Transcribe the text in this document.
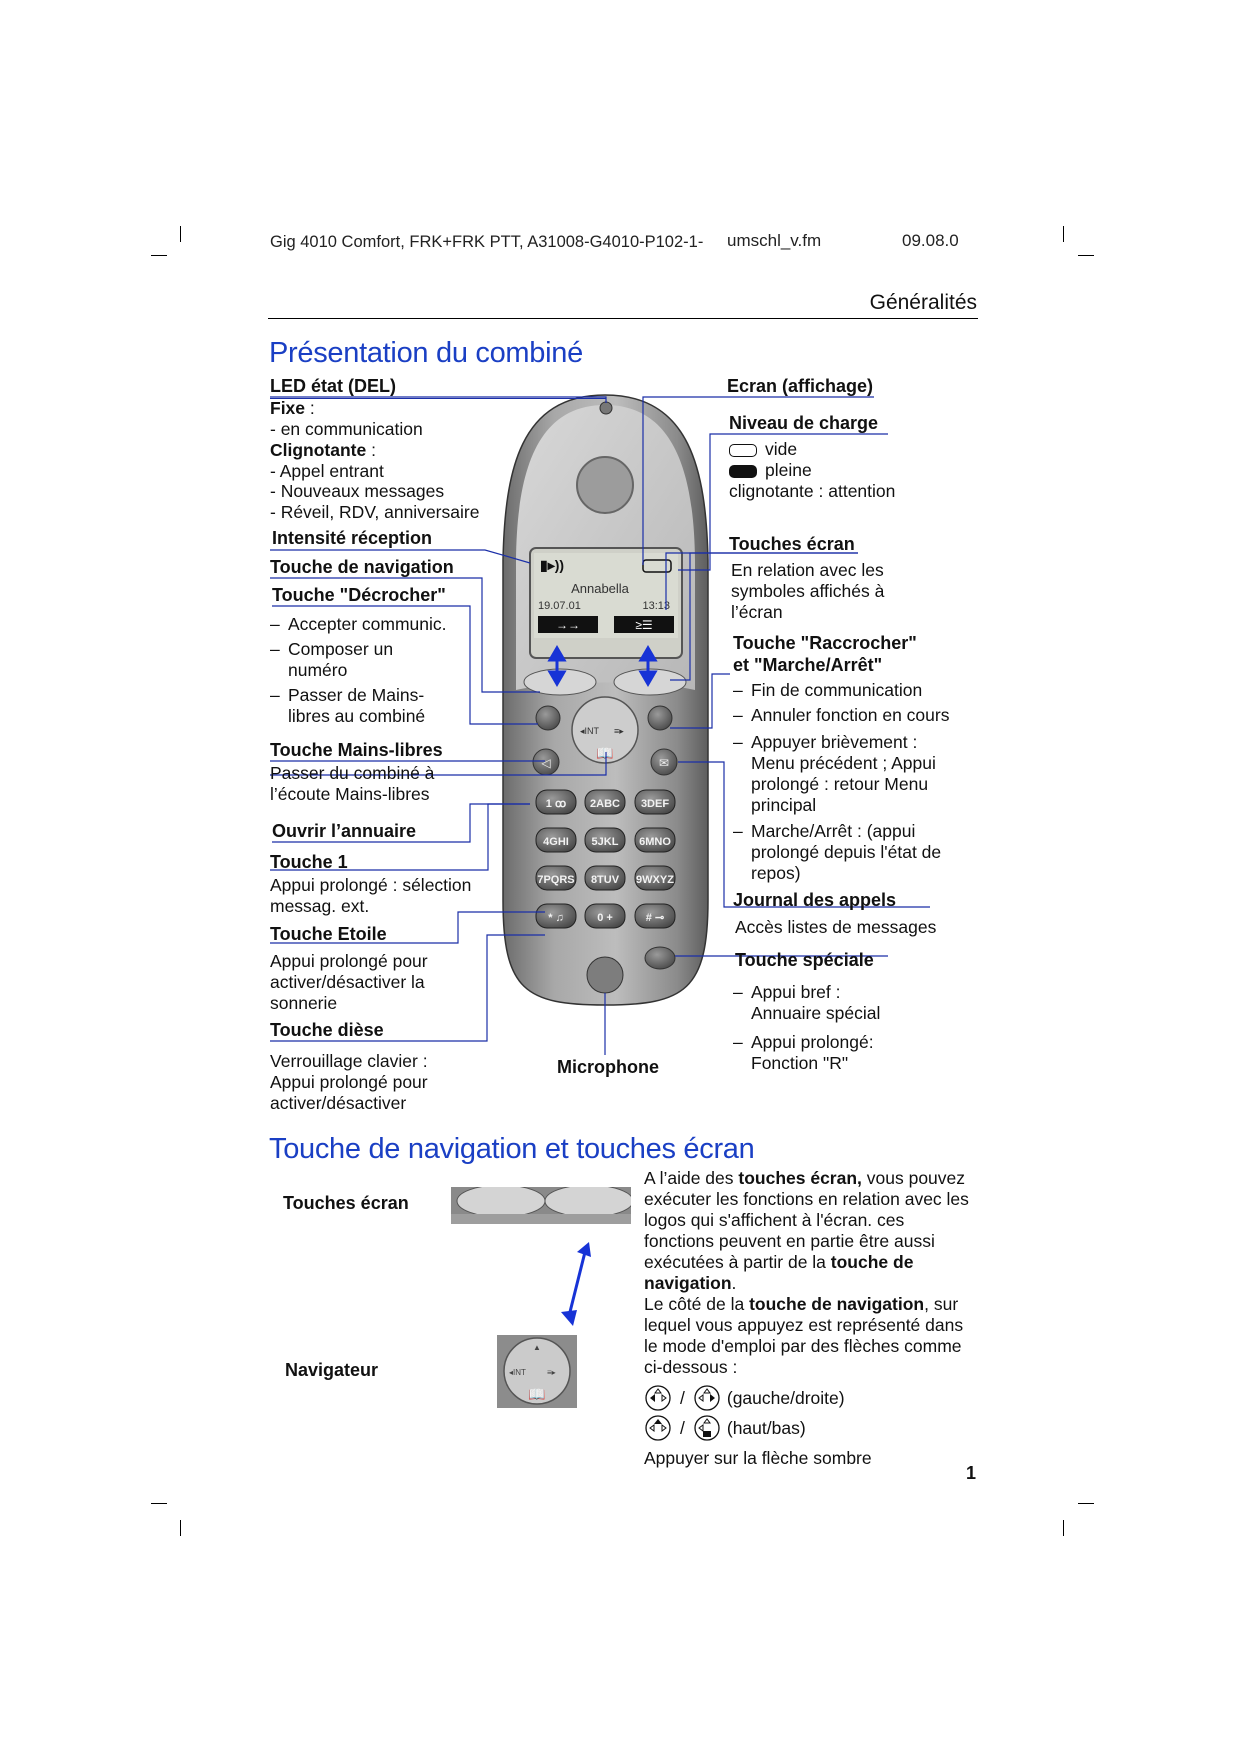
Gig 4010 Comfort, FRK+FRK PTT, A31008-G4010-P102-1- umschl_v.fm	09.08.0
Généralités
Présentation du combiné
▮▸))
Annabella
19.07.01	13:13
→→	≥☰
◂INT ≡▸
📖
◁	✉
1 ꝏ 2ABC 3DEF
4GHI 5JKL 6MNO
7PQRS 8TUV 9WXYZ
* ♫	0 +	# ⊸
LED état (DEL)
Fixe :
- en communication
Clignotante :
- Appel entrant
- Nouveaux messages
- Réveil, RDV, anniversaire
Intensité réception
Touche de navigation
Touche "Décrocher"
– Accepter communic.
– Composer un numéro
– Passer de Mains-libres au combiné
Touche Mains-libres
Passer du combiné à l’écoute Mains-libres
Ouvrir l’annuaire
Touche 1
Appui prolongé : sélection messag. ext.
Touche Etoile
Appui prolongé pour activer/désactiver la sonnerie
Touche dièse
Verrouillage clavier : Appui prolongé pour activer/désactiver
Ecran (affichage)
Niveau de charge
vide
pleine
clignotante : attention
Touches écran
En relation avec les symboles affichés à l’écran
Touche "Raccrocher"
et "Marche/Arrêt"
– Fin de communication
– Annuler fonction en cours
– Appuyer brièvement : Menu précédent ; Appui prolongé : retour Menu principal
– Marche/Arrêt : (appui prolongé depuis l'état de repos)
Journal des appels
Accès listes de messages
Touche spéciale
– Appui bref : Annuaire spécial
– Appui prolongé: Fonction "R"
Microphone
Touche de navigation et touches écran
Touches écran
Navigateur
▲
◂INT	≡▸
📖
A l’aide des touches écran, vous pouvez exécuter les fonctions en relation avec les logos qui s'affichent à l'écran. ces fonctions peuvent en partie être aussi exécutées à partir de la touche de navigation.
Le côté de la touche de navigation, sur lequel vous appuyez est représenté dans le mode d'emploi par des flèches comme ci-dessous :
/ (gauche/droite)
/ (haut/bas)
Appuyer sur la flèche sombre
1
